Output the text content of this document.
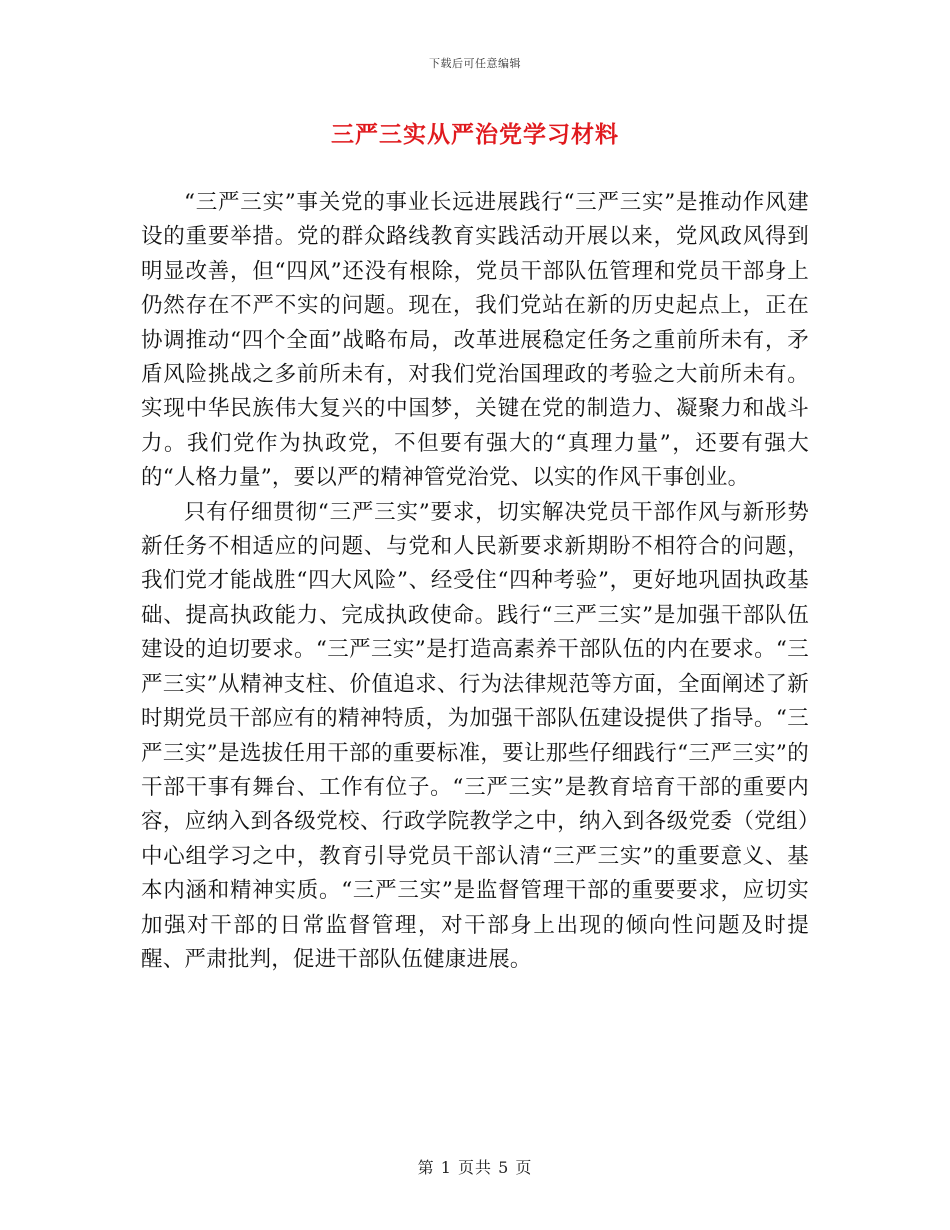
下载后可任意编辑
三严三实从严治党学习材料

“三严三实”事关党的事业长远进展践行“三严三实”是推动作风建设的重要举措。党的群众路线教育实践活动开展以来，党风政风得到明显改善，但“四风”还没有根除，党员干部队伍管理和党员干部身上仍然存在不严不实的问题。现在，我们党站在新的历史起点上，正在协调推动“四个全面”战略布局，改革进展稳定任务之重前所未有，矛盾风险挑战之多前所未有，对我们党治国理政的考验之大前所未有。实现中华民族伟大复兴的中国梦，关键在党的制造力、凝聚力和战斗力。我们党作为执政党，不但要有强大的“真理力量”，还要有强大的“人格力量”，要以严的精神管党治党、以实的作风干事创业。

只有仔细贯彻“三严三实”要求，切实解决党员干部作风与新形势新任务不相适应的问题、与党和人民新要求新期盼不相符合的问题，我们党才能战胜“四大风险”、经受住“四种考验”，更好地巩固执政基础、提高执政能力、完成执政使命。践行“三严三实”是加强干部队伍建设的迫切要求。“三严三实”是打造高素养干部队伍的内在要求。“三严三实”从精神支柱、价值追求、行为法律规范等方面，全面阐述了新时期党员干部应有的精神特质，为加强干部队伍建设提供了指导。“三严三实”是选拔任用干部的重要标准，要让那些仔细践行“三严三实”的干部干事有舞台、工作有位子。“三严三实”是教育培育干部的重要内容，应纳入到各级党校、行政学院教学之中，纳入到各级党委（党组）中心组学习之中，教育引导党员干部认清“三严三实”的重要意义、基本内涵和精神实质。“三严三实”是监督管理干部的重要要求，应切实加强对干部的日常监督管理，对干部身上出现的倾向性问题及时提醒、严肃批判，促进干部队伍健康进展。

第 1 页共 5 页
